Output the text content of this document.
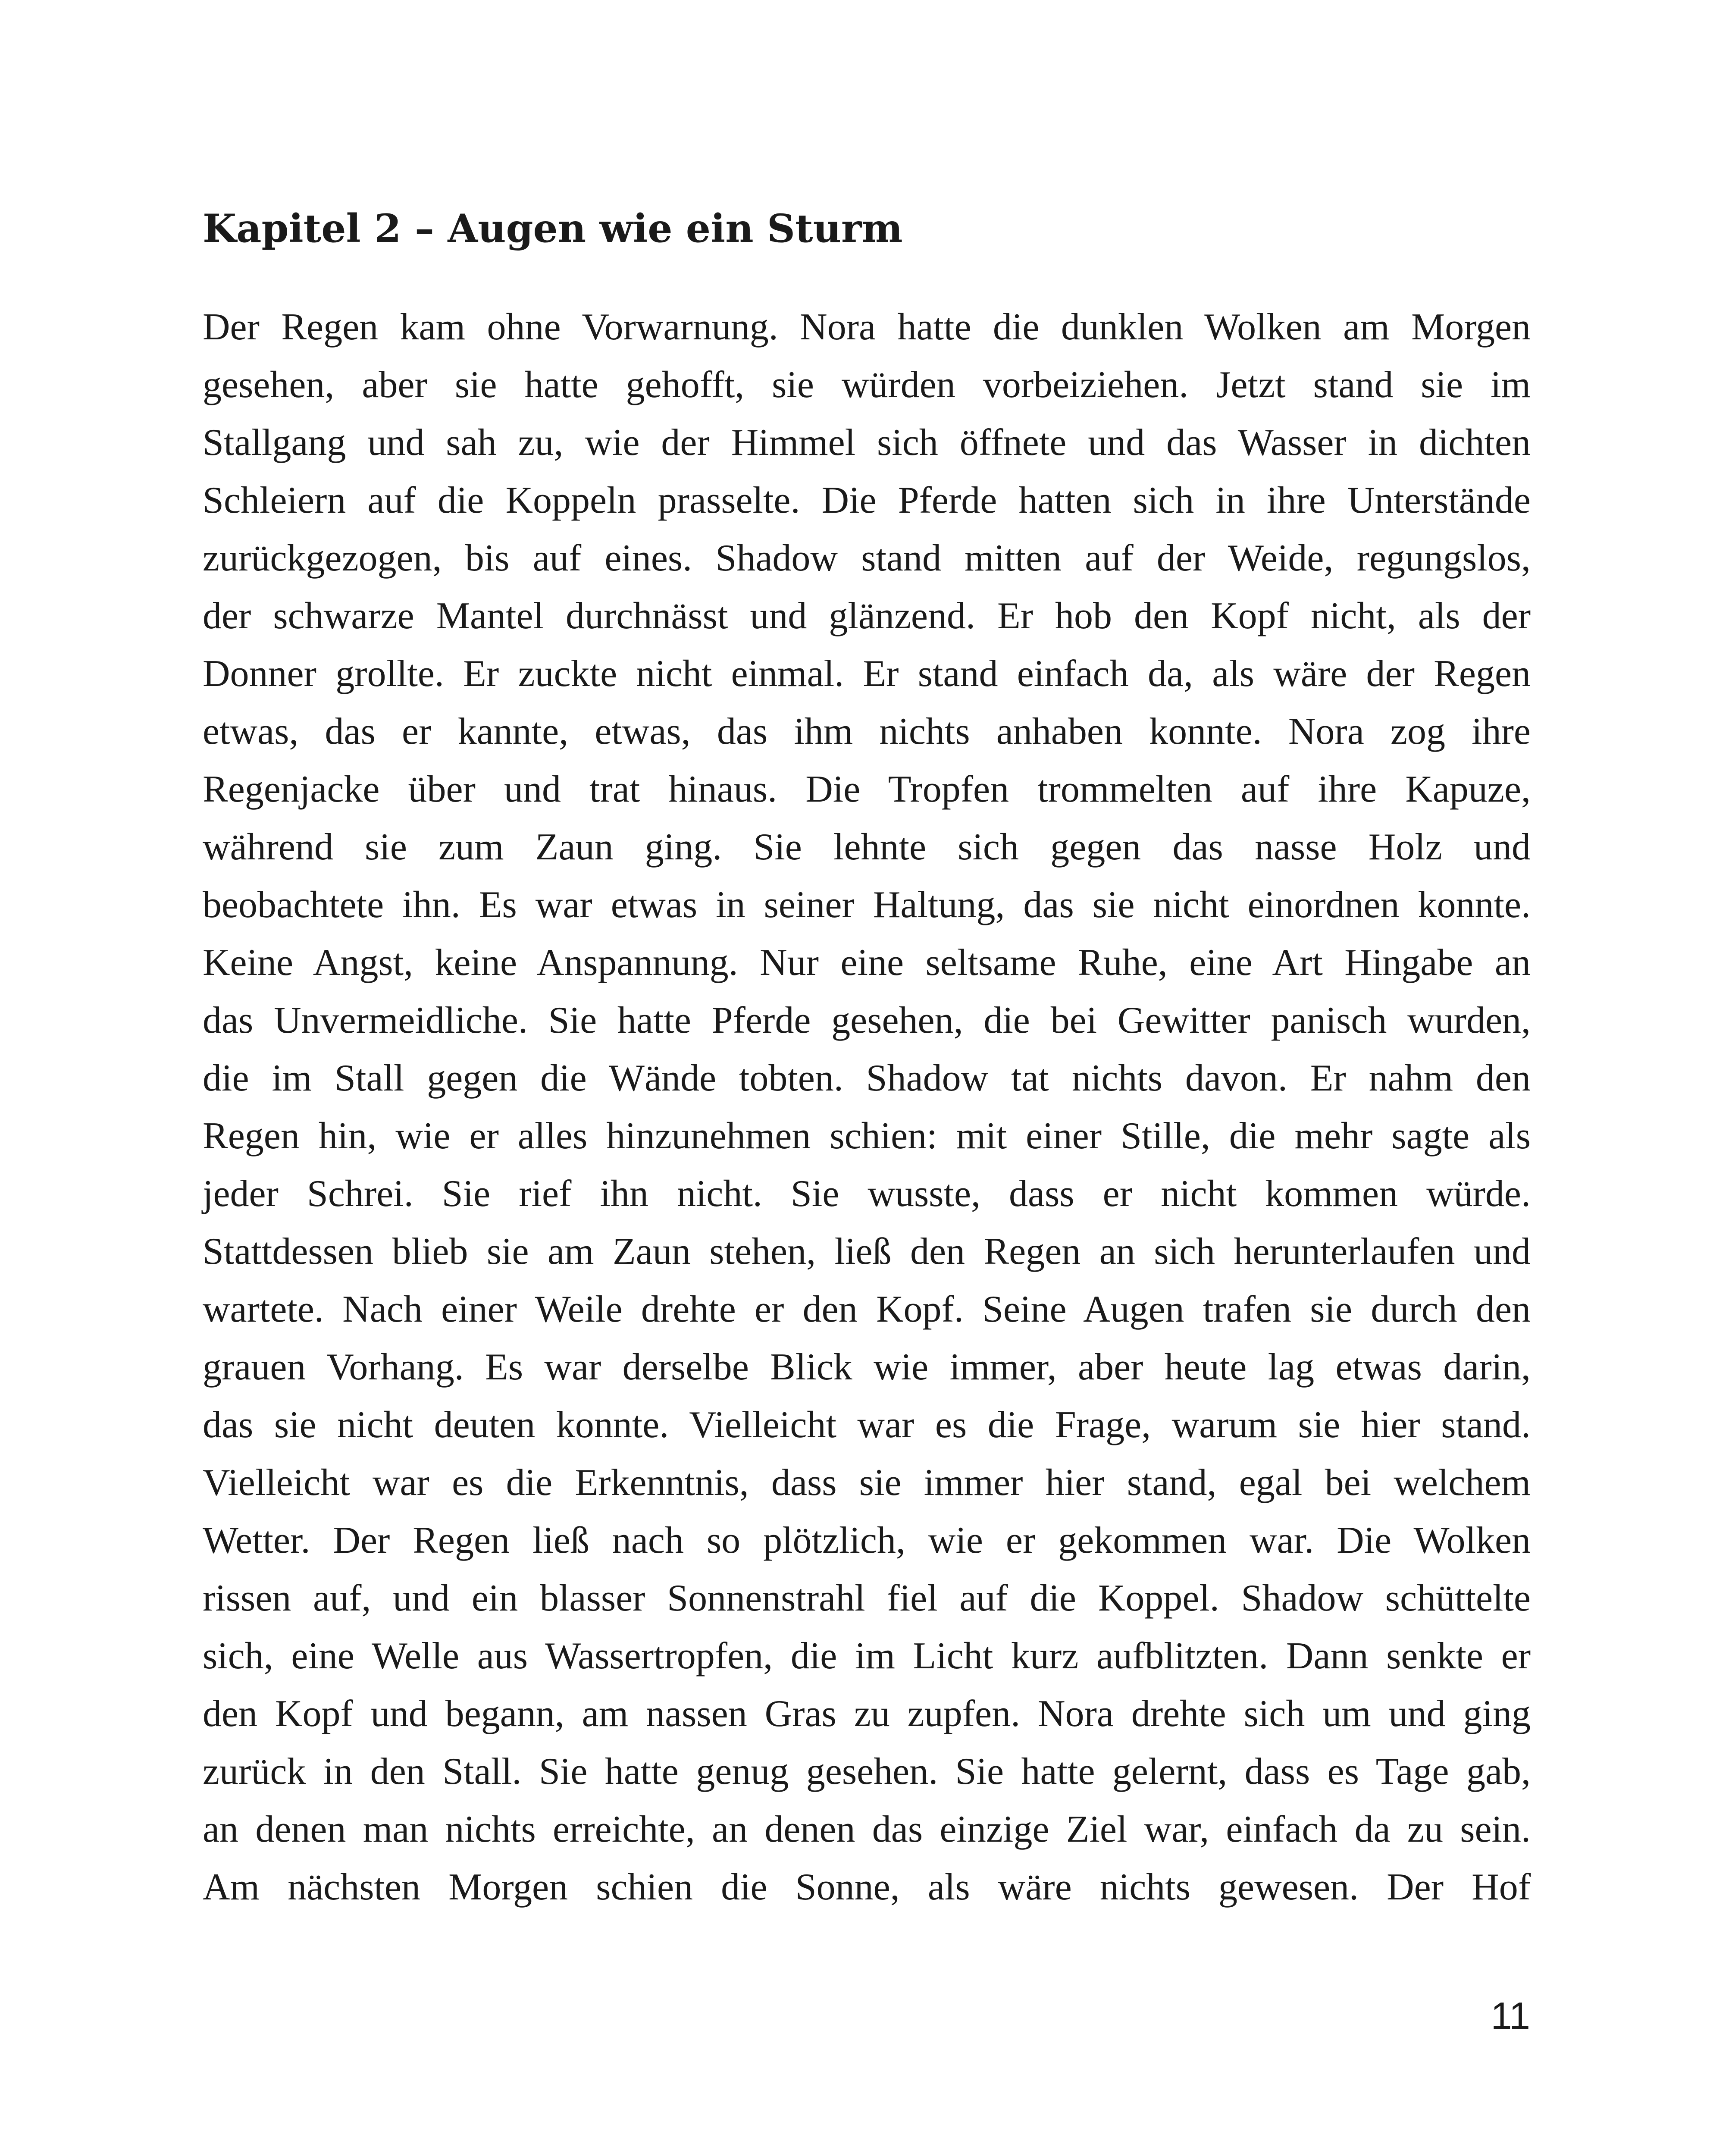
Kapitel 2 – Augen wie ein Sturm
Der Regen kam ohne Vorwarnung. Nora hatte die dunklen Wolken am Morgen
gesehen, aber sie hatte gehofft, sie würden vorbeiziehen. Jetzt stand sie im
Stallgang und sah zu, wie der Himmel sich öffnete und das Wasser in dichten
Schleiern auf die Koppeln prasselte. Die Pferde hatten sich in ihre Unterstände
zurückgezogen, bis auf eines. Shadow stand mitten auf der Weide, regungslos,
der schwarze Mantel durchnässt und glänzend. Er hob den Kopf nicht, als der
Donner grollte. Er zuckte nicht einmal. Er stand einfach da, als wäre der Regen
etwas, das er kannte, etwas, das ihm nichts anhaben konnte. Nora zog ihre
Regenjacke über und trat hinaus. Die Tropfen trommelten auf ihre Kapuze,
während sie zum Zaun ging. Sie lehnte sich gegen das nasse Holz und
beobachtete ihn. Es war etwas in seiner Haltung, das sie nicht einordnen konnte.
Keine Angst, keine Anspannung. Nur eine seltsame Ruhe, eine Art Hingabe an
das Unvermeidliche. Sie hatte Pferde gesehen, die bei Gewitter panisch wurden,
die im Stall gegen die Wände tobten. Shadow tat nichts davon. Er nahm den
Regen hin, wie er alles hinzunehmen schien: mit einer Stille, die mehr sagte als
jeder Schrei. Sie rief ihn nicht. Sie wusste, dass er nicht kommen würde.
Stattdessen blieb sie am Zaun stehen, ließ den Regen an sich herunterlaufen und
wartete. Nach einer Weile drehte er den Kopf. Seine Augen trafen sie durch den
grauen Vorhang. Es war derselbe Blick wie immer, aber heute lag etwas darin,
das sie nicht deuten konnte. Vielleicht war es die Frage, warum sie hier stand.
Vielleicht war es die Erkenntnis, dass sie immer hier stand, egal bei welchem
Wetter. Der Regen ließ nach so plötzlich, wie er gekommen war. Die Wolken
rissen auf, und ein blasser Sonnenstrahl fiel auf die Koppel. Shadow schüttelte
sich, eine Welle aus Wassertropfen, die im Licht kurz aufblitzten. Dann senkte er
den Kopf und begann, am nassen Gras zu zupfen. Nora drehte sich um und ging
zurück in den Stall. Sie hatte genug gesehen. Sie hatte gelernt, dass es Tage gab,
an denen man nichts erreichte, an denen das einzige Ziel war, einfach da zu sein.
Am nächsten Morgen schien die Sonne, als wäre nichts gewesen. Der Hof
11
